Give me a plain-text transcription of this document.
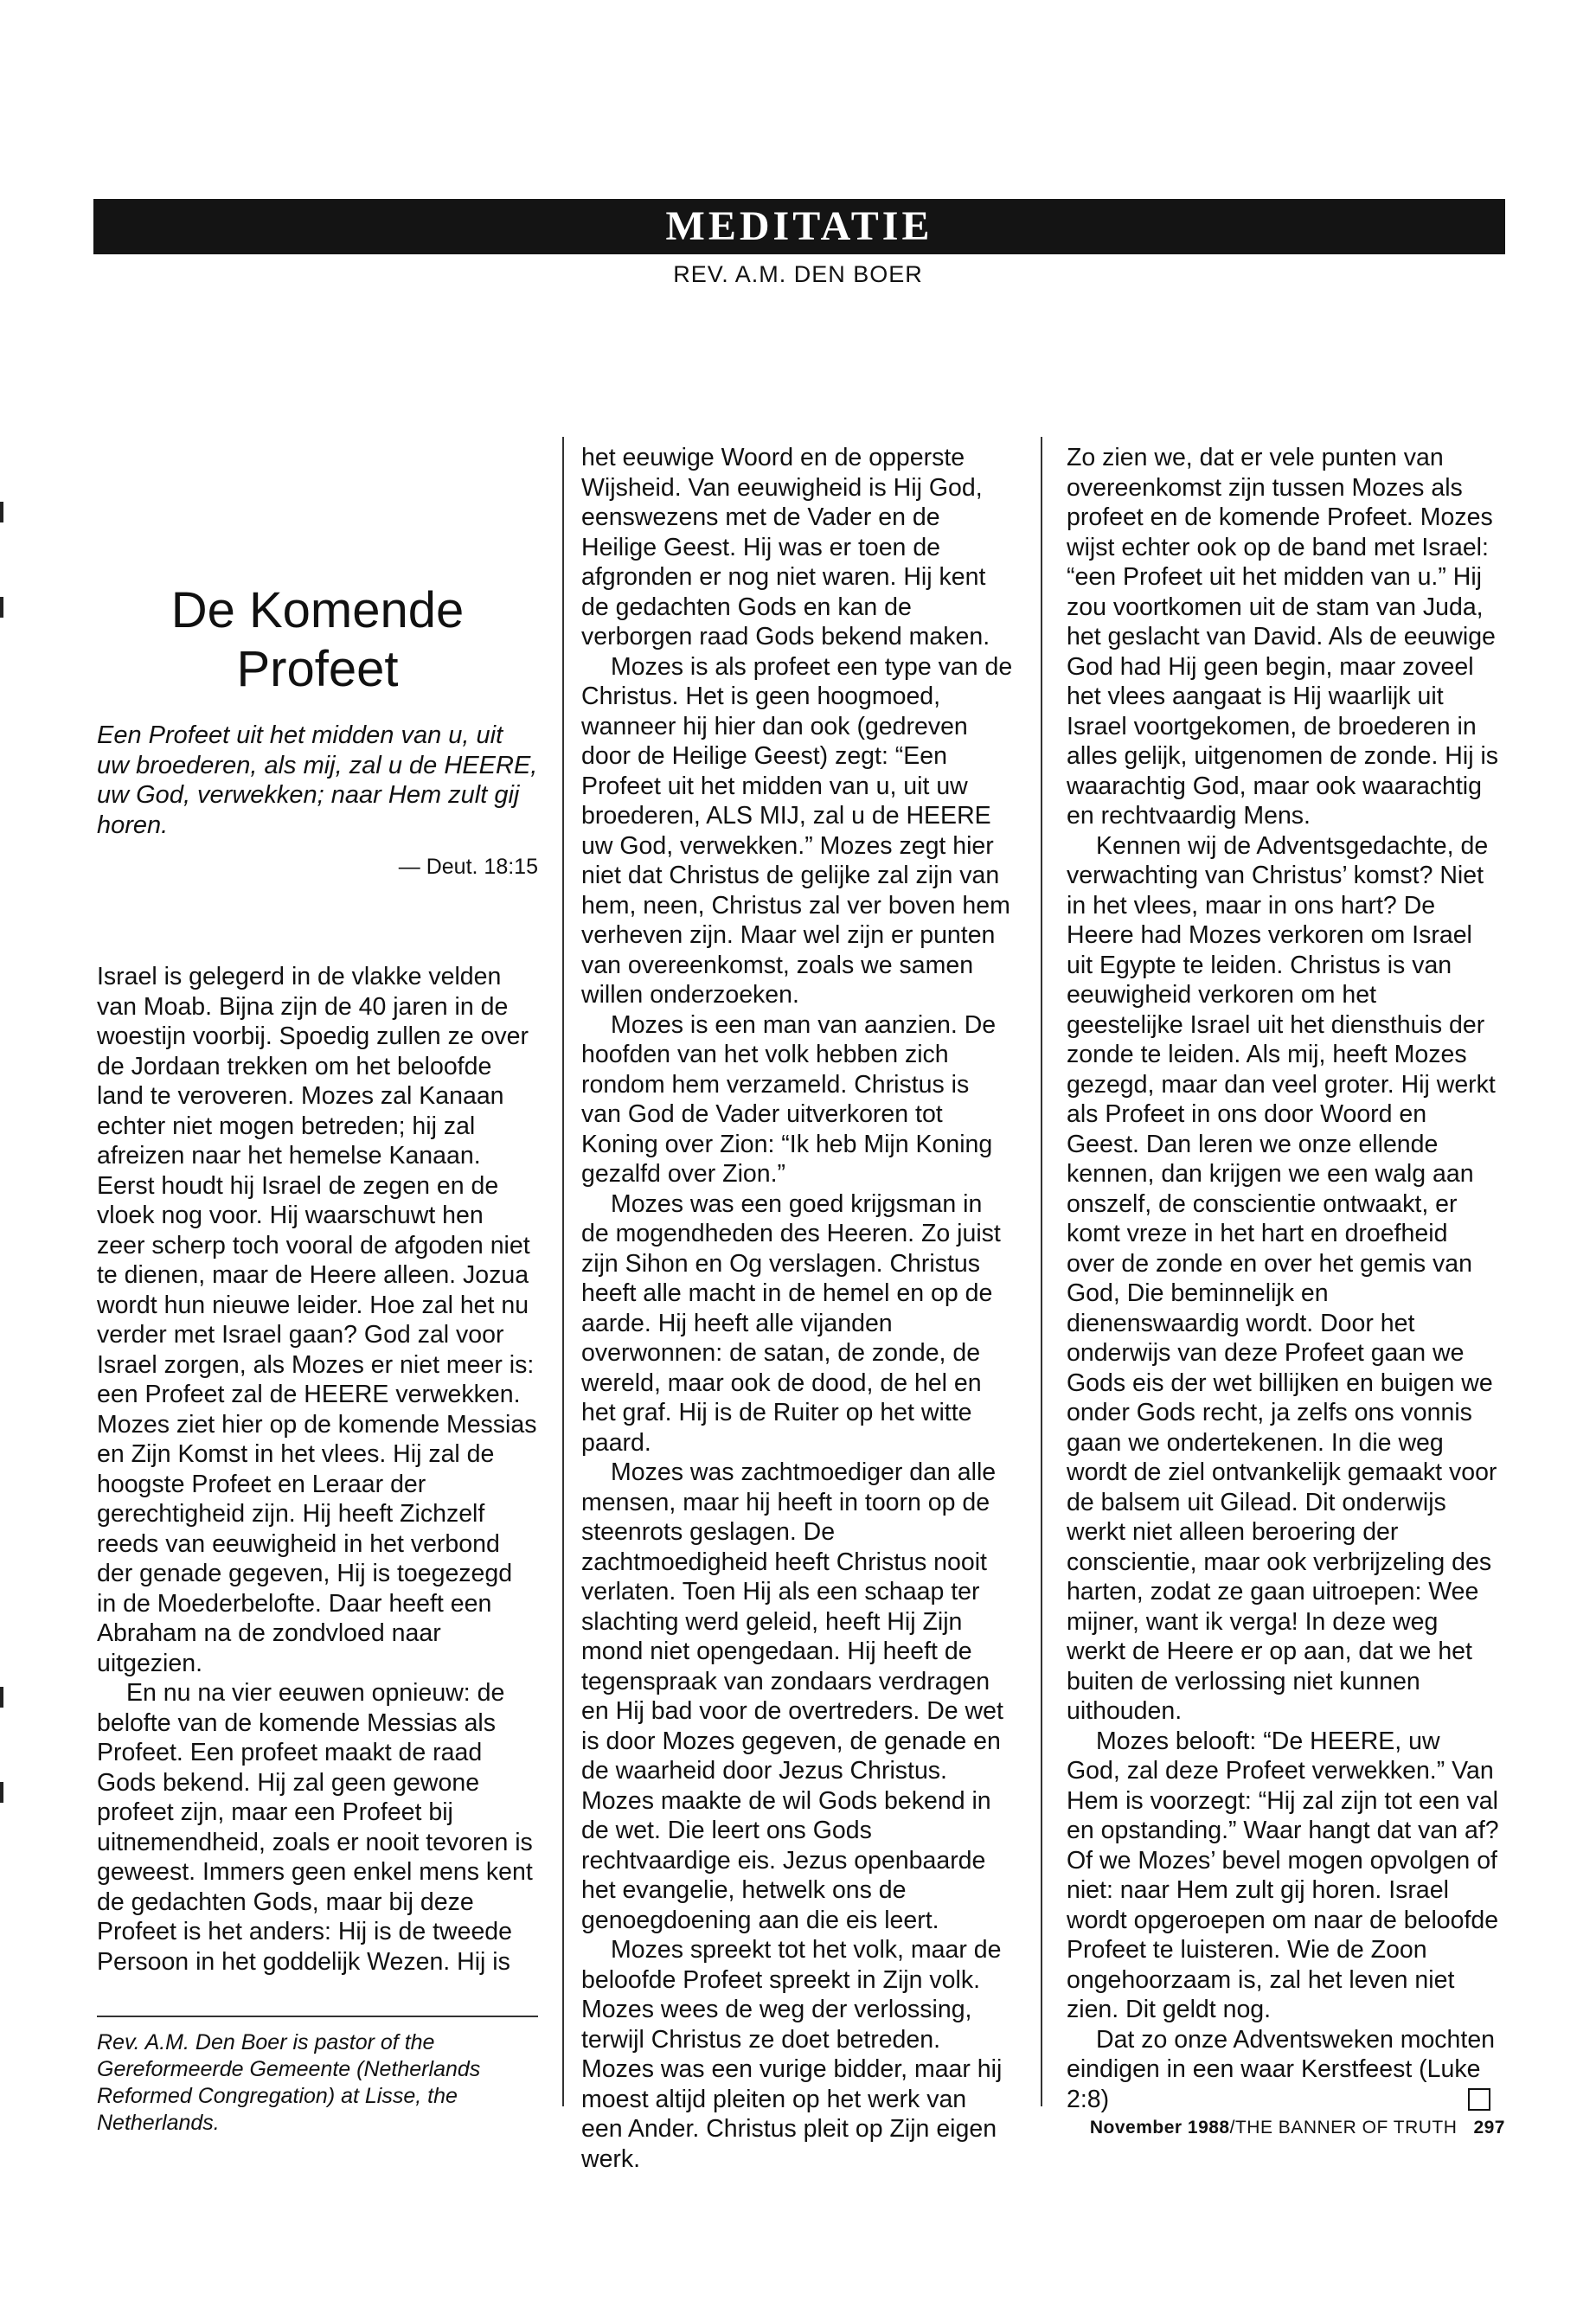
MEDITATIE
REV. A.M. DEN BOER
De Komende
Profeet
Een Profeet uit het midden van u, uit uw broederen, als mij, zal u de HEERE, uw God, verwekken; naar Hem zult gij horen.
— Deut. 18:15

Israel is gelegerd in de vlakke velden van Moab. Bijna zijn de 40 jaren in de woestijn voorbij. Spoedig zullen ze over de Jordaan trekken om het beloofde land te veroveren. Mozes zal Kanaan echter niet mogen betreden; hij zal afreizen naar het hemelse Kanaan. Eerst houdt hij Israel de zegen en de vloek nog voor. Hij waarschuwt hen zeer scherp toch vooral de afgoden niet te dienen, maar de Heere alleen. Jozua wordt hun nieuwe leider. Hoe zal het nu verder met Israel gaan? God zal voor Israel zorgen, als Mozes er niet meer is: een Profeet zal de HEERE verwekken. Mozes ziet hier op de komende Messias en Zijn Komst in het vlees. Hij zal de hoogste Profeet en Leraar der gerechtigheid zijn. Hij heeft Zichzelf reeds van eeuwigheid in het verbond der genade gegeven, Hij is toegezegd in de Moederbelofte. Daar heeft een Abraham na de zondvloed naar uitgezien.

En nu na vier eeuwen opnieuw: de belofte van de komende Messias als Profeet. Een profeet maakt de raad Gods bekend. Hij zal geen gewone profeet zijn, maar een Profeet bij uitnemendheid, zoals er nooit tevoren is geweest. Immers geen enkel mens kent de gedachten Gods, maar bij deze Profeet is het anders: Hij is de tweede Persoon in het goddelijk Wezen. Hij is

Rev. A.M. Den Boer is pastor of the Gereformeerde Gemeente (Netherlands Reformed Congregation) at Lisse, the Netherlands.

het eeuwige Woord en de opperste Wijsheid. Van eeuwigheid is Hij God, eenswezens met de Vader en de Heilige Geest. Hij was er toen de afgronden er nog niet waren. Hij kent de gedachten Gods en kan de verborgen raad Gods bekend maken.

Mozes is als profeet een type van de Christus. Het is geen hoogmoed, wanneer hij hier dan ook (gedreven door de Heilige Geest) zegt: “Een Profeet uit het midden van u, uit uw broederen, ALS MIJ, zal u de HEERE uw God, verwekken.” Mozes zegt hier niet dat Christus de gelijke zal zijn van hem, neen, Christus zal ver boven hem verheven zijn. Maar wel zijn er punten van overeenkomst, zoals we samen willen onderzoeken.

Mozes is een man van aanzien. De hoofden van het volk hebben zich rondom hem verzameld. Christus is van God de Vader uitverkoren tot Koning over Zion: “Ik heb Mijn Koning gezalfd over Zion.”

Mozes was een goed krijgsman in de mogendheden des Heeren. Zo juist zijn Sihon en Og verslagen. Christus heeft alle macht in de hemel en op de aarde. Hij heeft alle vijanden overwonnen: de satan, de zonde, de wereld, maar ook de dood, de hel en het graf. Hij is de Ruiter op het witte paard.

Mozes was zachtmoediger dan alle mensen, maar hij heeft in toorn op de steenrots geslagen. De zachtmoedigheid heeft Christus nooit verlaten. Toen Hij als een schaap ter slachting werd geleid, heeft Hij Zijn mond niet opengedaan. Hij heeft de tegenspraak van zondaars verdragen en Hij bad voor de overtreders. De wet is door Mozes gegeven, de genade en de waarheid door Jezus Christus. Mozes maakte de wil Gods bekend in de wet. Die leert ons Gods rechtvaardige eis. Jezus openbaarde het evangelie, hetwelk ons de genoegdoening aan die eis leert.

Mozes spreekt tot het volk, maar de beloofde Profeet spreekt in Zijn volk. Mozes wees de weg der verlossing, terwijl Christus ze doet betreden. Mozes was een vurige bidder, maar hij moest altijd pleiten op het werk van een Ander. Christus pleit op Zijn eigen werk.

Zo zien we, dat er vele punten van overeenkomst zijn tussen Mozes als profeet en de komende Profeet. Mozes wijst echter ook op de band met Israel: “een Profeet uit het midden van u.” Hij zou voortkomen uit de stam van Juda, het geslacht van David. Als de eeuwige God had Hij geen begin, maar zoveel het vlees aangaat is Hij waarlijk uit Israel voortgekomen, de broederen in alles gelijk, uitgenomen de zonde. Hij is waarachtig God, maar ook waarachtig en rechtvaardig Mens.

Kennen wij de Adventsgedachte, de verwachting van Christus’ komst? Niet in het vlees, maar in ons hart? De Heere had Mozes verkoren om Israel uit Egypte te leiden. Christus is van eeuwigheid verkoren om het geestelijke Israel uit het diensthuis der zonde te leiden. Als mij, heeft Mozes gezegd, maar dan veel groter. Hij werkt als Profeet in ons door Woord en Geest. Dan leren we onze ellende kennen, dan krijgen we een walg aan onszelf, de conscientie ontwaakt, er komt vreze in het hart en droefheid over de zonde en over het gemis van God, Die beminnelijk en dienenswaardig wordt. Door het onderwijs van deze Profeet gaan we Gods eis der wet billijken en buigen we onder Gods recht, ja zelfs ons vonnis gaan we ondertekenen. In die weg wordt de ziel ontvankelijk gemaakt voor de balsem uit Gilead. Dit onderwijs werkt niet alleen beroering der conscientie, maar ook verbrijzeling des harten, zodat ze gaan uitroepen: Wee mijner, want ik verga! In deze weg werkt de Heere er op aan, dat we het buiten de verlossing niet kunnen uithouden.

Mozes belooft: “De HEERE, uw God, zal deze Profeet verwekken.” Van Hem is voorzegt: “Hij zal zijn tot een val en opstanding.” Waar hangt dat van af? Of we Mozes’ bevel mogen opvolgen of niet: naar Hem zult gij horen. Israel wordt opgeroepen om naar de beloofde Profeet te luisteren. Wie de Zoon ongehoorzaam is, zal het leven niet zien. Dit geldt nog.

Dat zo onze Adventsweken mochten eindigen in een waar Kerstfeest (Luke 2:8)

November 1988/THE BANNER OF TRUTH 297
